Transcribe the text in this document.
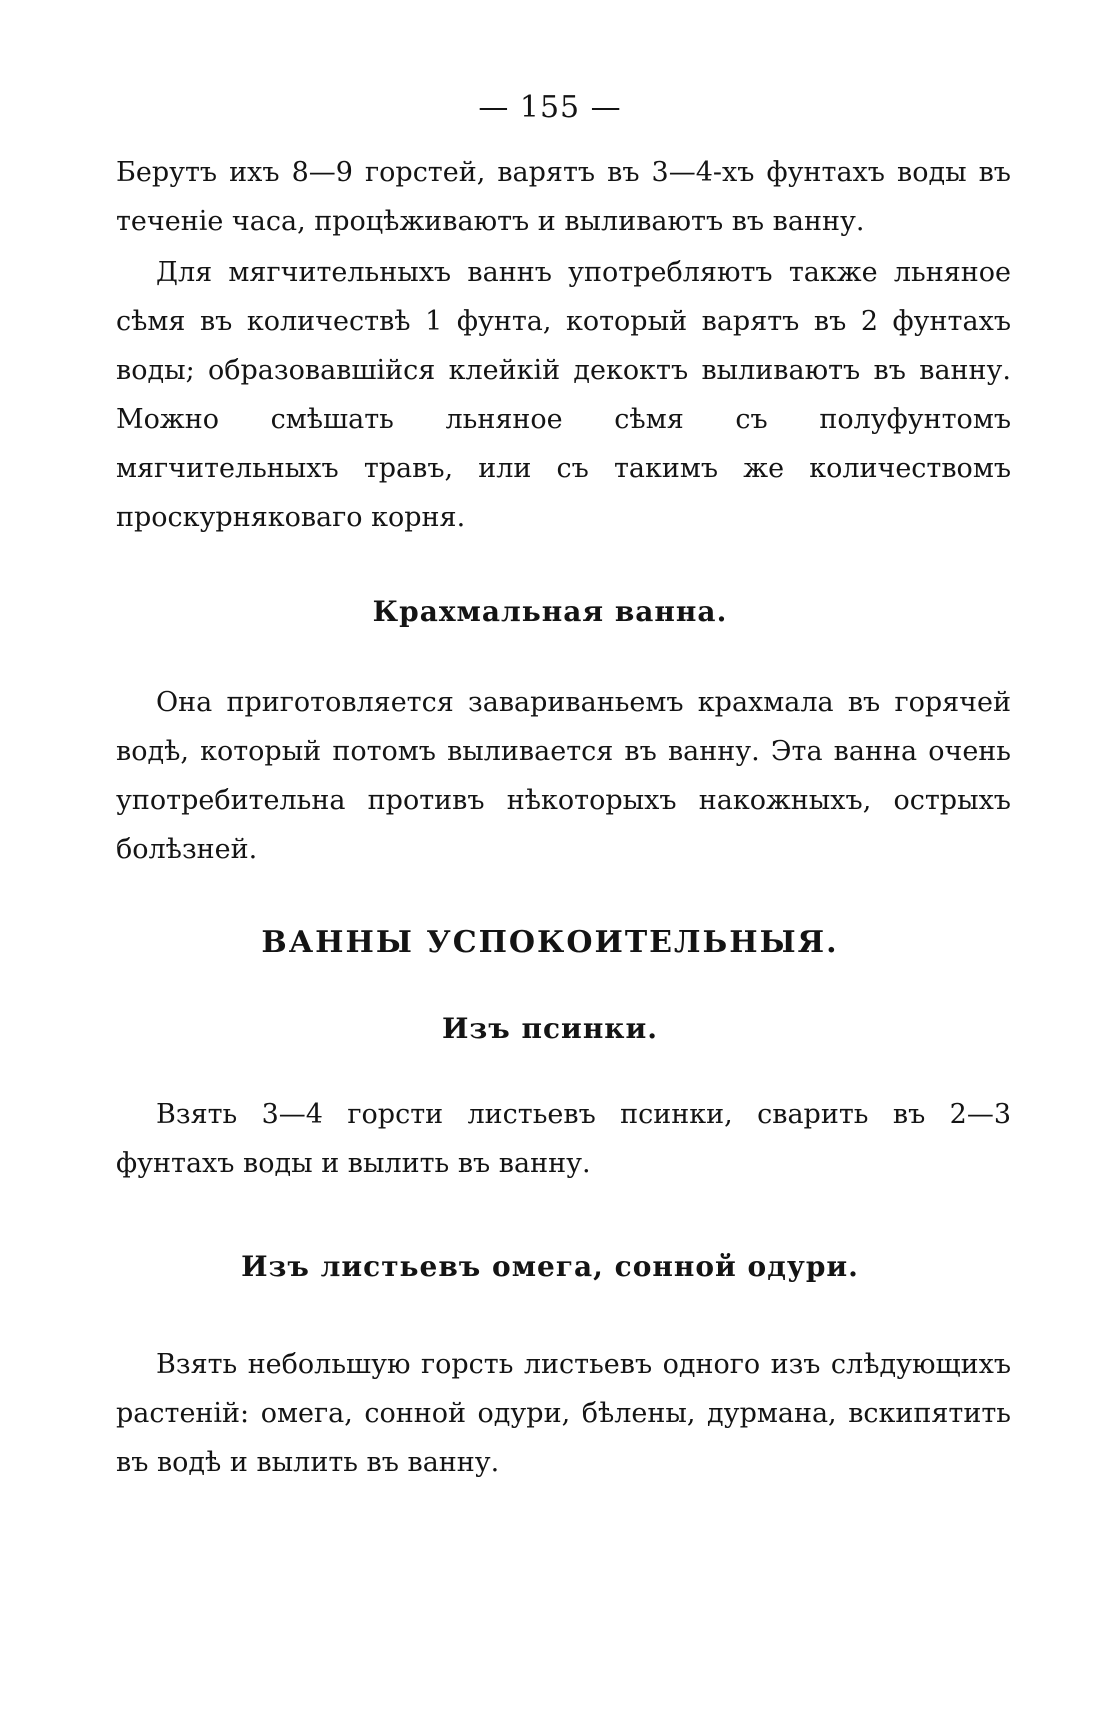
— 155 —

Берутъ ихъ 8—9 горстей, варятъ въ 3—4-хъ фунтахъ воды въ теченіе часа, процѣживаютъ и выливаютъ въ ванну.

Для мягчительныхъ ваннъ употребляютъ также льняное сѣмя въ количествѣ 1 фунта, который варятъ въ 2 фунтахъ воды; образовавшійся клейкій декоктъ выливаютъ въ ванну. Можно смѣшать льняное сѣмя съ полуфунтомъ мягчительныхъ травъ, или съ такимъ же количествомъ проскурняковаго корня.

Крахмальная ванна.

Она приготовляется завариваньемъ крахмала въ горячей водѣ, который потомъ выливается въ ванну. Эта ванна очень употребительна противъ нѣкоторыхъ накожныхъ, острыхъ болѣзней.

ВАННЫ УСПОКОИТЕЛЬНЫЯ.
Изъ псинки.

Взять 3—4 горсти листьевъ псинки, сварить въ 2—3 фунтахъ воды и вылить въ ванну.

Изъ листьевъ омега, сонной одури.

Взять небольшую горсть листьевъ одного изъ слѣдующихъ растеній: омега, сонной одури, бѣлены, дурмана, вскипятить въ водѣ и вылить въ ванну.
